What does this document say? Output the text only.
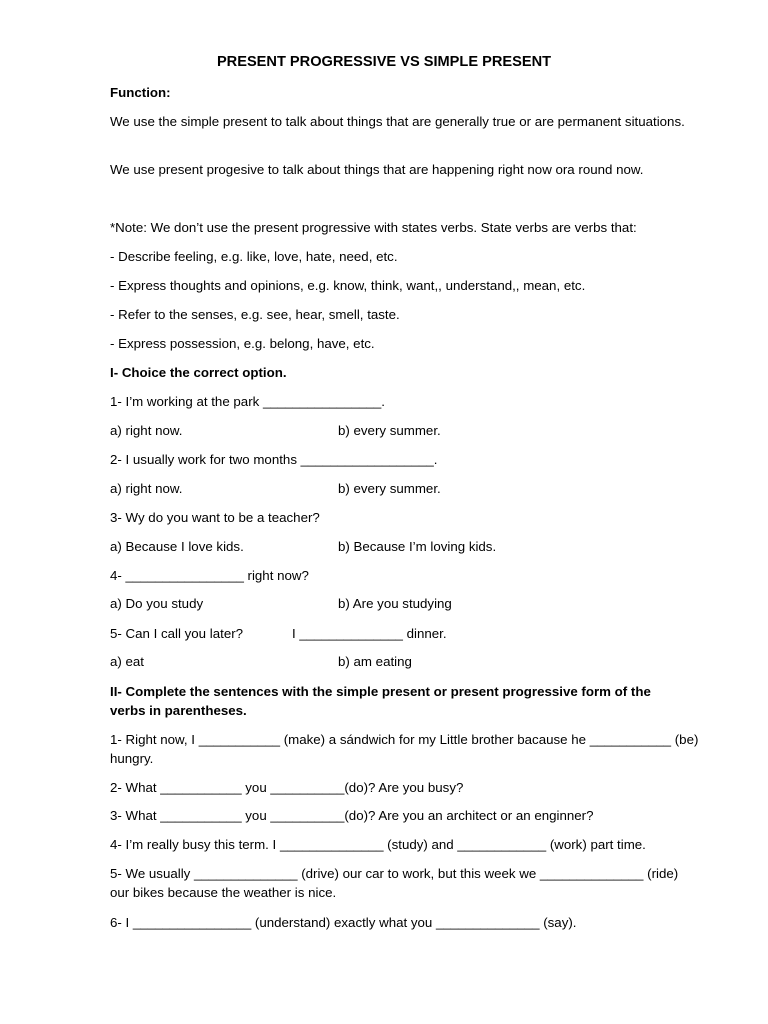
PRESENT PROGRESSIVE VS SIMPLE PRESENT
Function:
We use the simple present to talk about things that are generally true or are permanent situations.
We use present progesive to talk about things that are happening right now ora round now.
*Note: We don’t use the present progressive with states verbs. State verbs are verbs that:
- Describe feeling, e.g. like, love, hate, need, etc.
- Express thoughts and opinions, e.g. know, think, want,, understand,, mean, etc.
- Refer to the senses, e.g. see, hear, smell, taste.
- Express possession, e.g. belong, have, etc.
I- Choice the correct option.
1- I’m working at the park ________________.
a) right now.	b) every summer.
2- I usually work for two months __________________.
a) right now.	b) every summer.
3- Wy do you want to be a teacher?
a) Because I love kids.	b) Because I’m loving kids.
4- ________________ right now?
a) Do you study	b) Are you studying
5- Can I call you later?	I ______________ dinner.
a) eat	b) am eating
II- Complete the sentences with the simple present or present progressive form of the verbs in parentheses.
1- Right now, I ___________ (make) a sándwich for my Little brother bacause he ___________ (be) hungry.
2- What ___________ you __________(do)? Are you busy?
3- What ___________ you __________(do)? Are you an architect or an enginner?
4- I’m really busy this term. I ______________ (study) and ____________ (work) part time.
5- We usually ______________ (drive) our car to work, but this week we ______________ (ride) our bikes because the weather is nice.
6- I ________________ (understand) exactly what you ______________ (say).
